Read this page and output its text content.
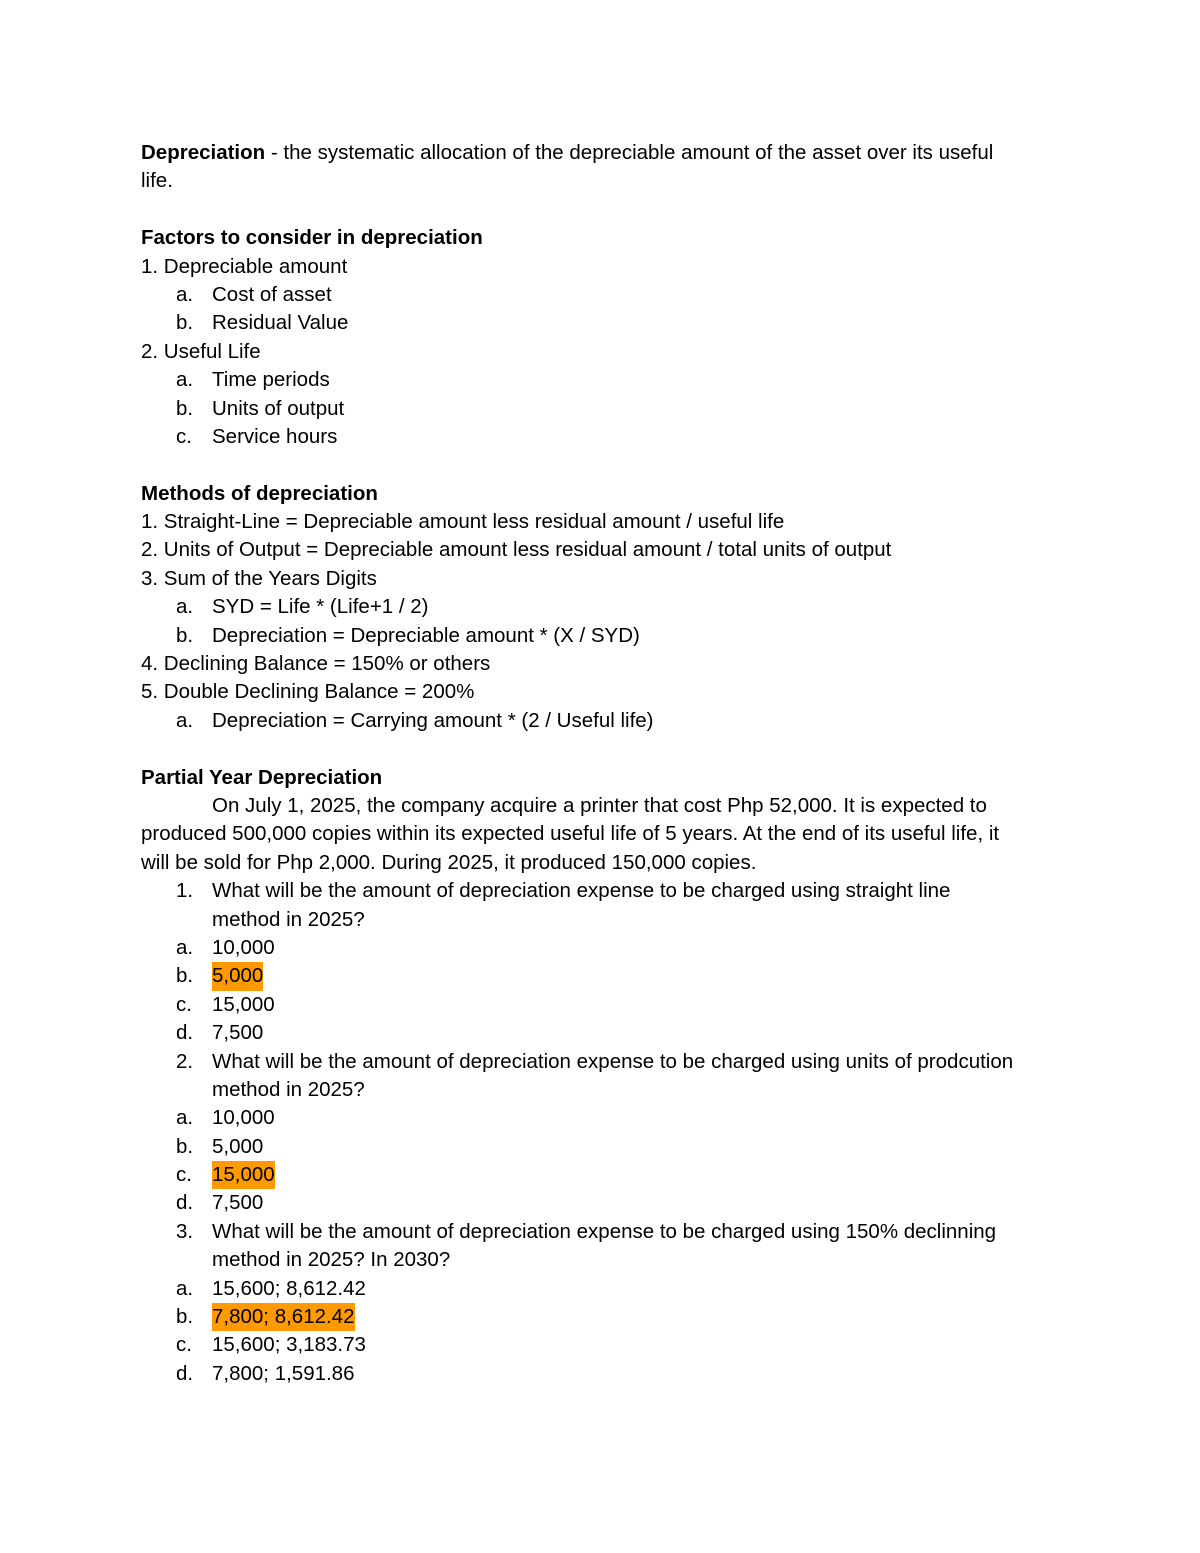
Depreciation - the systematic allocation of the depreciable amount of the asset over its useful
life.
Factors to consider in depreciation
1. Depreciable amount
a. Cost of asset
b. Residual Value
2. Useful Life
a. Time periods
b. Units of output
c. Service hours
Methods of depreciation
1. Straight-Line = Depreciable amount less residual amount / useful life
2. Units of Output = Depreciable amount less residual amount / total units of output
3. Sum of the Years Digits
a. SYD = Life * (Life+1 / 2)
b. Depreciation = Depreciable amount * (X / SYD)
4. Declining Balance = 150% or others
5. Double Declining Balance = 200%
a. Depreciation = Carrying amount * (2 / Useful life)
Partial Year Depreciation
On July 1, 2025, the company acquire a printer that cost Php 52,000. It is expected to
produced 500,000 copies within its expected useful life of 5 years. At the end of its useful life, it
will be sold for Php 2,000. During 2025, it produced 150,000 copies.
1. What will be the amount of depreciation expense to be charged using straight line
method in 2025?
a. 10,000
b. 5,000
c. 15,000
d. 7,500
2. What will be the amount of depreciation expense to be charged using units of prodcution
method in 2025?
a. 10,000
b. 5,000
c. 15,000
d. 7,500
3. What will be the amount of depreciation expense to be charged using 150% declinning
method in 2025? In 2030?
a. 15,600; 8,612.42
b. 7,800; 8,612.42
c. 15,600; 3,183.73
d. 7,800; 1,591.86
